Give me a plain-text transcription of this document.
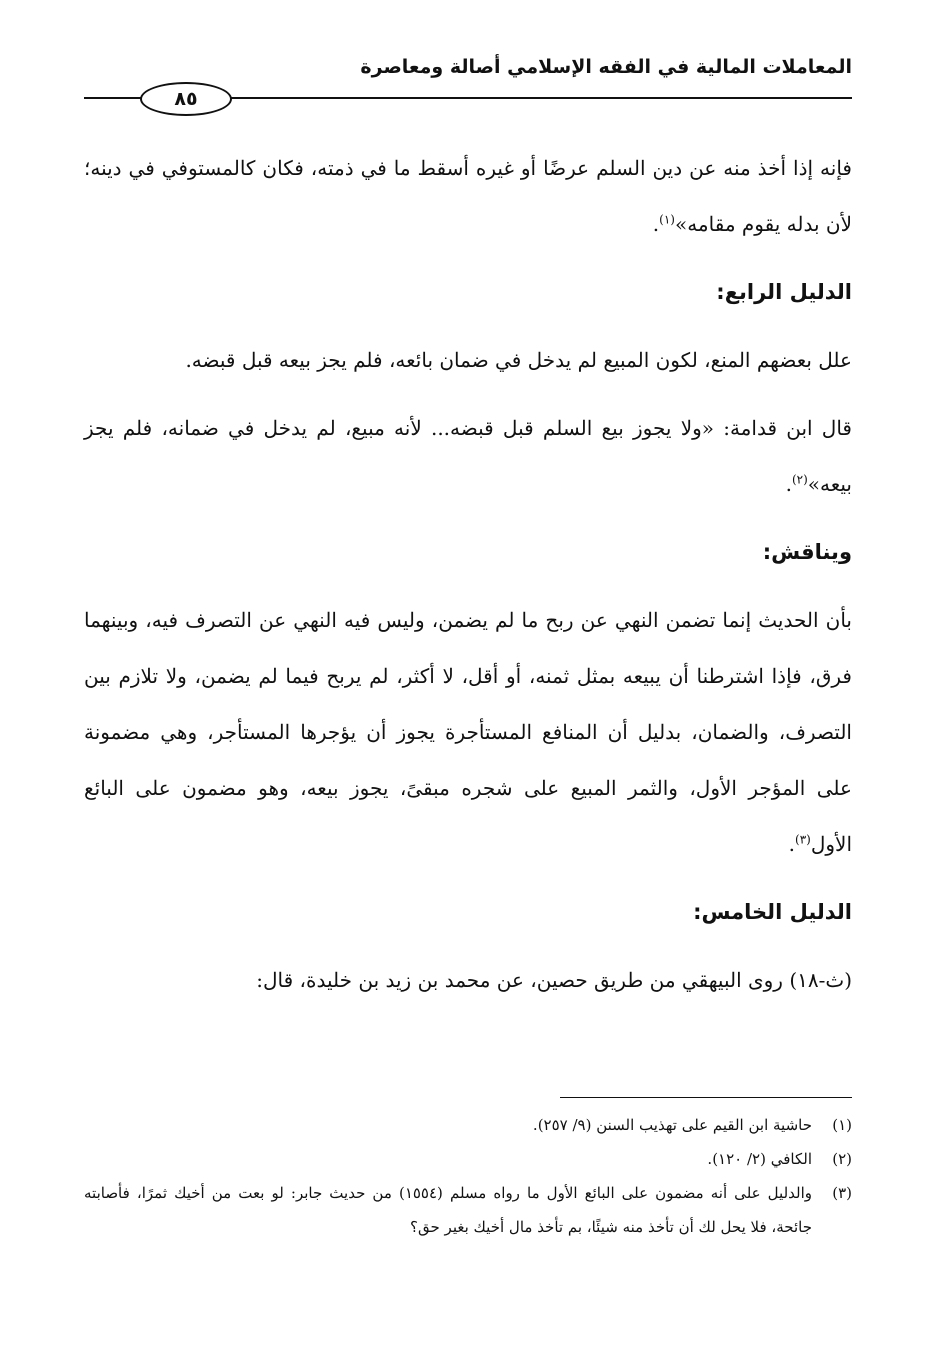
المعاملات المالية في الفقه الإسلامي أصالة ومعاصرة
٨٥

فإنه إذا أخذ منه عن دين السلم عرضًا أو غيره أسقط ما في ذمته، فكان كالمستوفي في دينه؛ لأن بدله يقوم مقامه»$^{(١)}$.

الدليل الرابع:

علل بعضهم المنع، لكون المبيع لم يدخل في ضمان بائعه، فلم يجز بيعه قبل قبضه.

قال ابن قدامة: «ولا يجوز بيع السلم قبل قبضه... لأنه مبيع، لم يدخل في ضمانه، فلم يجز بيعه»$^{(٢)}$.

ويناقش:

بأن الحديث إنما تضمن النهي عن ربح ما لم يضمن، وليس فيه النهي عن التصرف فيه، وبينهما فرق، فإذا اشترطنا أن يبيعه بمثل ثمنه، أو أقل، لا أكثر، لم يربح فيما لم يضمن، ولا تلازم بين التصرف، والضمان، بدليل أن المنافع المستأجرة يجوز أن يؤجرها المستأجر، وهي مضمونة على المؤجر الأول، والثمر المبيع على شجره مبقىً، يجوز بيعه، وهو مضمون على البائع الأول$^{(٣)}$.

الدليل الخامس:

(ث-١٨) روى البيهقي من طريق حصين، عن محمد بن زيد بن خليدة، قال:

(١)
حاشية ابن القيم على تهذيب السنن (٩/ ٢٥٧).
(٢)
الكافي (٢/ ١٢٠).
(٣)
والدليل على أنه مضمون على البائع الأول ما رواه مسلم (١٥٥٤) من حديث جابر: لو بعت من أخيك ثمرًا، فأصابته جائحة، فلا يحل لك أن تأخذ منه شيئًا، بم تأخذ مال أخيك بغير حق؟
